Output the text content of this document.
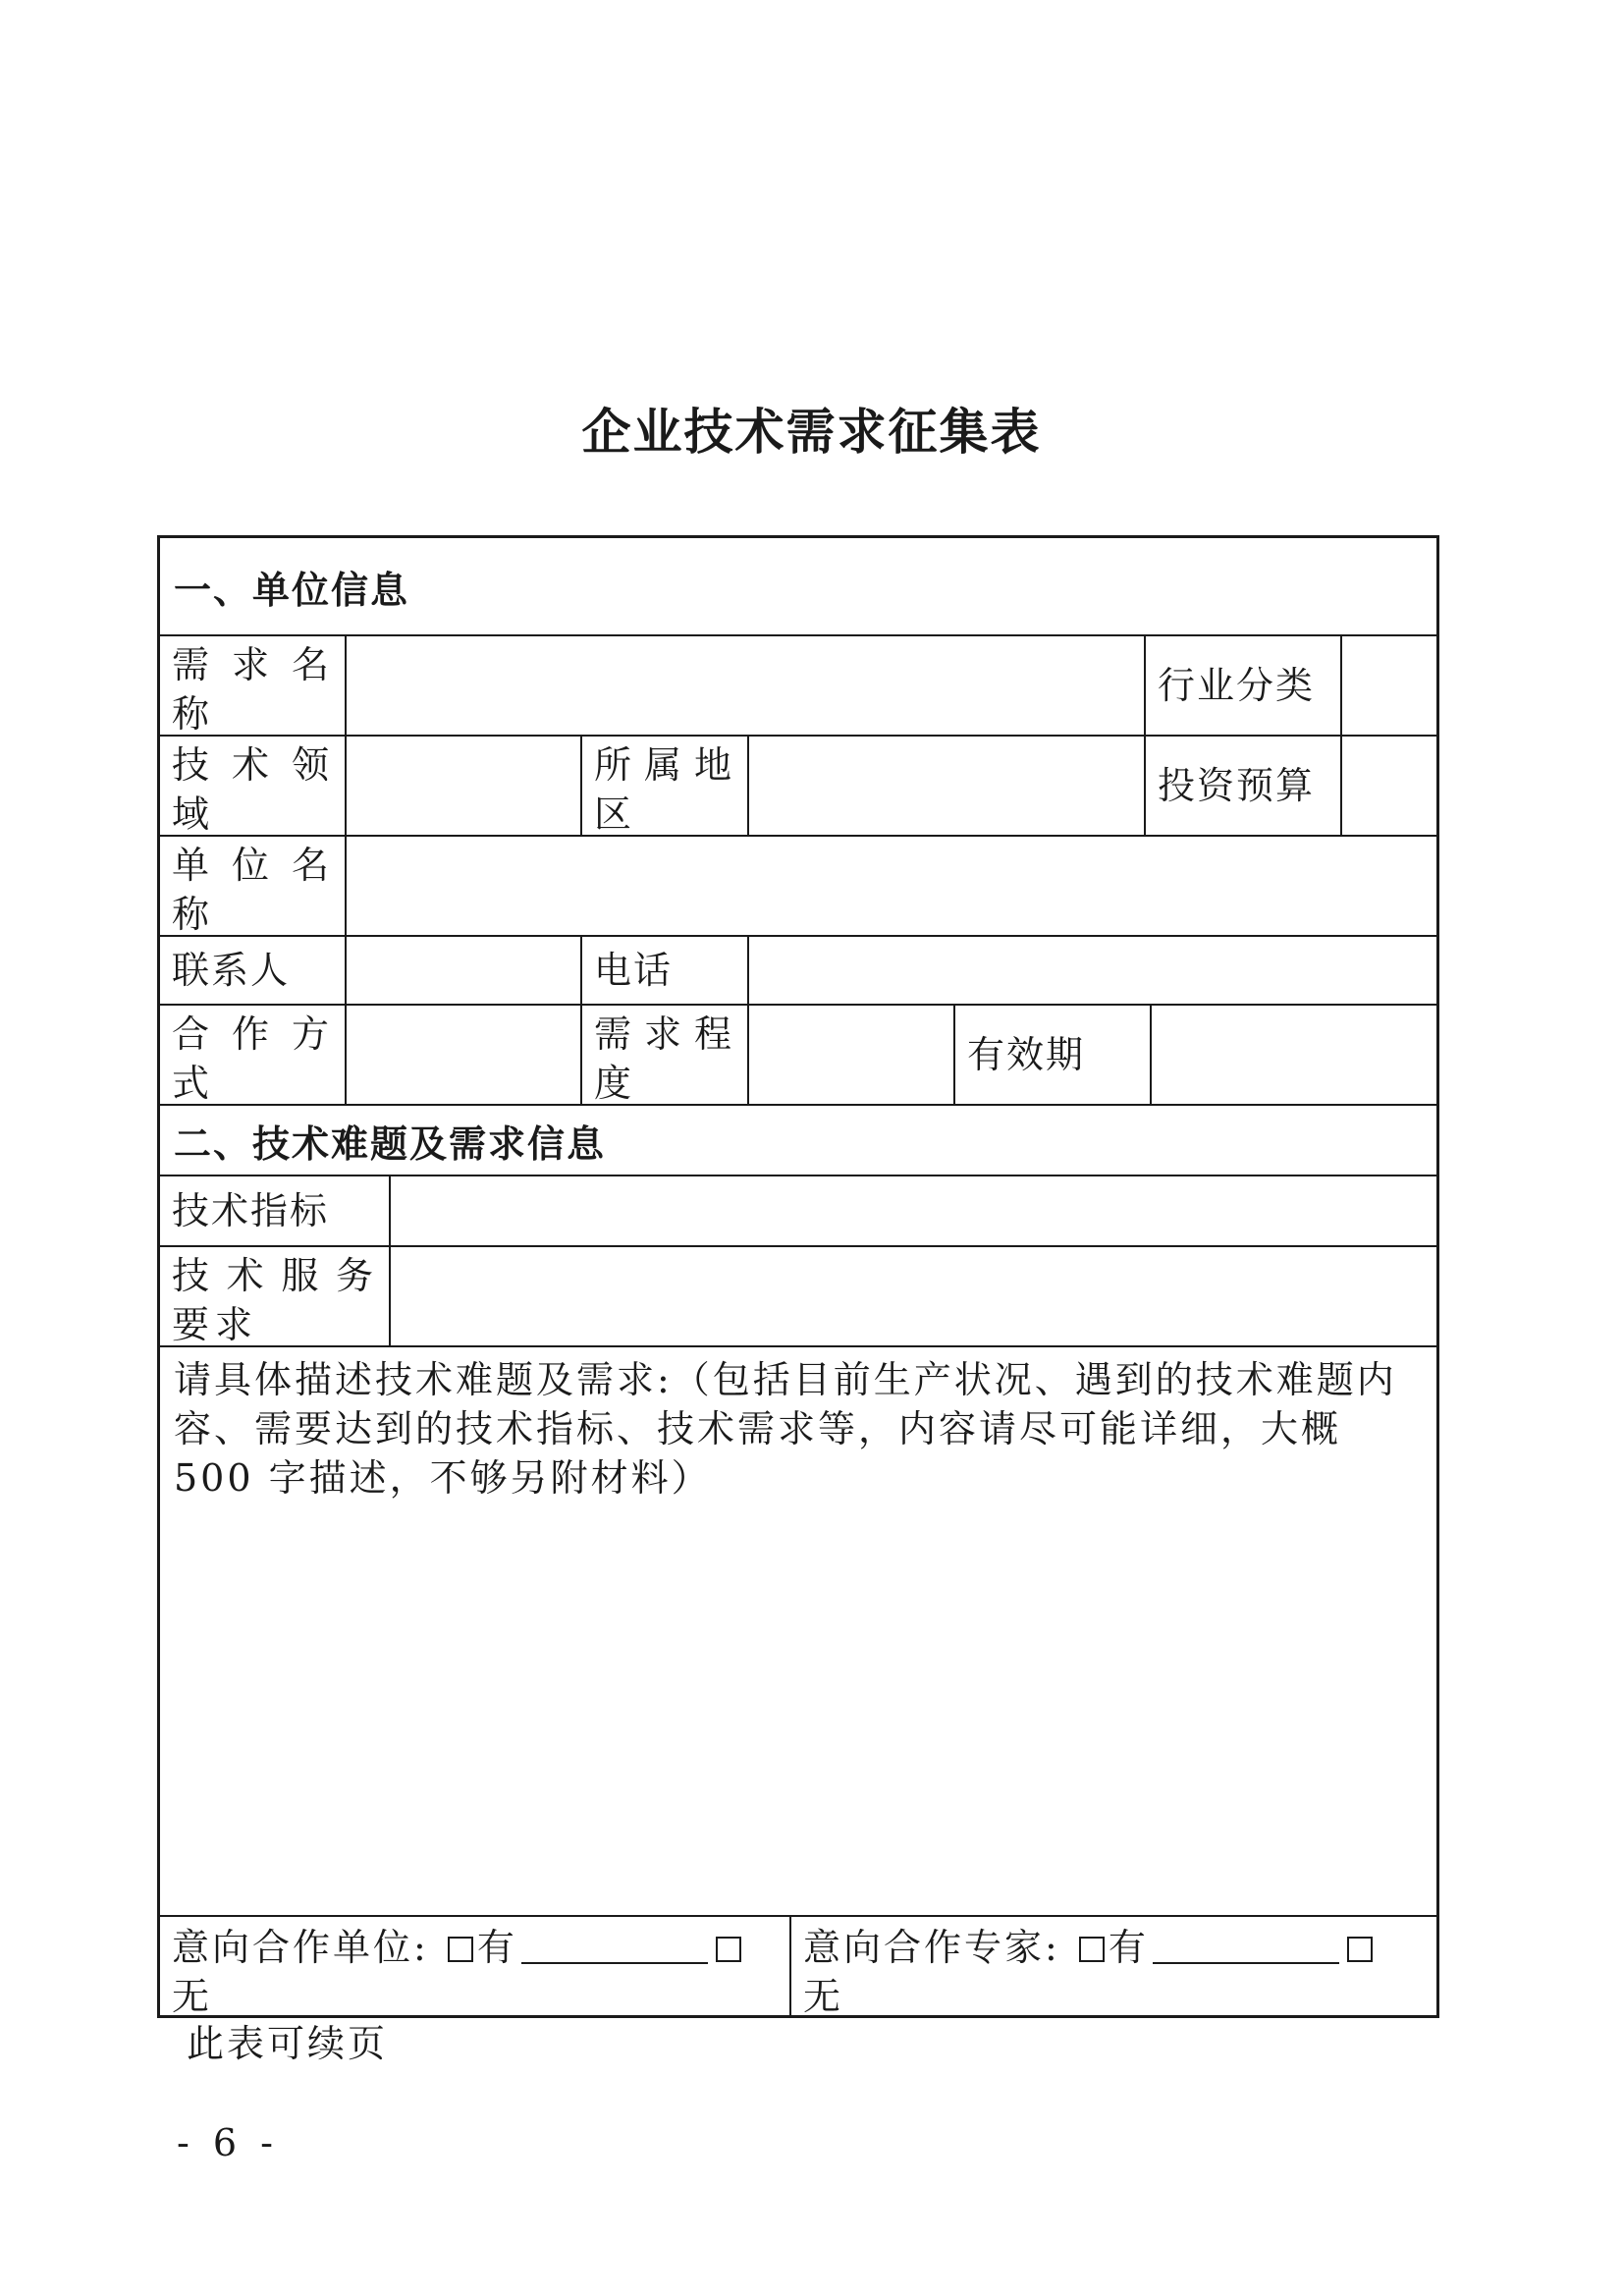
企业技术需求征集表
一、单位信息
需求名称
行业分类
技术领域
所属地区
投资预算
单位名称
联系人	电话
合作方式
需求程度
有效期
二、技术难题及需求信息
技术指标
技术服务要求
请具体描述技术难题及需求:（包括目前生产状况、遇到的技术难题内容、需要达到的技术指标、技术需求等，内容请尽可能详细，大概 500 字描述，不够另附材料）
意向合作单位: 有
无
意向合作专家: 有
无
此表可续页
- 6 -
